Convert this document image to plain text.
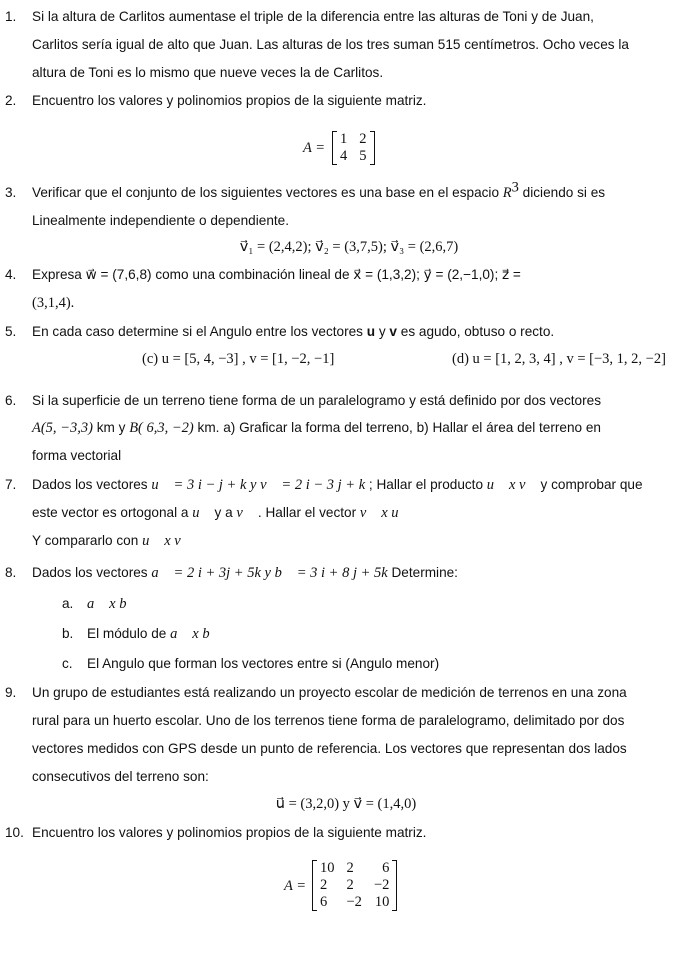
1. Si la altura de Carlitos aumentase el triple de la diferencia entre las alturas de Toni y de Juan,
Carlitos sería igual de alto que Juan. Las alturas de los tres suman 515 centímetros. Ocho veces la
altura de Toni es lo mismo que nueve veces la de Carlitos.
2. Encuentro los valores y polinomios propios de la siguiente matriz.
A =
1	2
4	5
3. Verificar que el conjunto de los siguientes vectores es una base en el espacio $R^3$ diciendo si es
Linealmente independiente o dependiente.
v⃗₁ = (2,4,2); v⃗₂ = (3,7,5); v⃗₃ = (2,6,7)
4. Expresa w⃗ = (7,6,8) como una combinación lineal de x⃗ = (1,3,2); y⃗ = (2,−1,0); z⃗ =
(3,1,4).
5. En cada caso determine si el Angulo entre los vectores u y v es agudo, obtuso o recto.
(c) u = [5, 4, −3] , v = [1, −2, −1]	(d) u = [1, 2, 3, 4] , v = [−3, 1, 2, −2]
6. Si la superficie de un terreno tiene forma de un paralelogramo y está definido por dos vectores
A(5, −3,3) km y B( 6,3, −2) km. a) Graficar la forma del terreno, b) Hallar el área del terreno en
forma vectorial
7. Dados los vectores u⃗ = 3 i − j + k y v⃗ = 2 i − 3 j + k ; Hallar el producto u⃗ x v⃗ y comprobar que
este vector es ortogonal a u⃗ y a v⃗ . Hallar el vector v⃗ x u⃗
Y compararlo con u⃗ x v⃗
8. Dados los vectores a⃗ = 2 i + 3j + 5k y b⃗ = 3 i + 8 j + 5k Determine:
a. a⃗ x b⃗
b. El módulo de a⃗ x b⃗
c. El Angulo que forman los vectores entre si (Angulo menor)
9. Un grupo de estudiantes está realizando un proyecto escolar de medición de terrenos en una zona
rural para un huerto escolar. Uno de los terrenos tiene forma de paralelogramo, delimitado por dos
vectores medidos con GPS desde un punto de referencia. Los vectores que representan dos lados
consecutivos del terreno son:
u⃗ = (3,2,0) y v⃗ = (1,4,0)
10. Encuentro los valores y polinomios propios de la siguiente matriz.
A =
10	2	6
2	2	−2
6	−2	10
